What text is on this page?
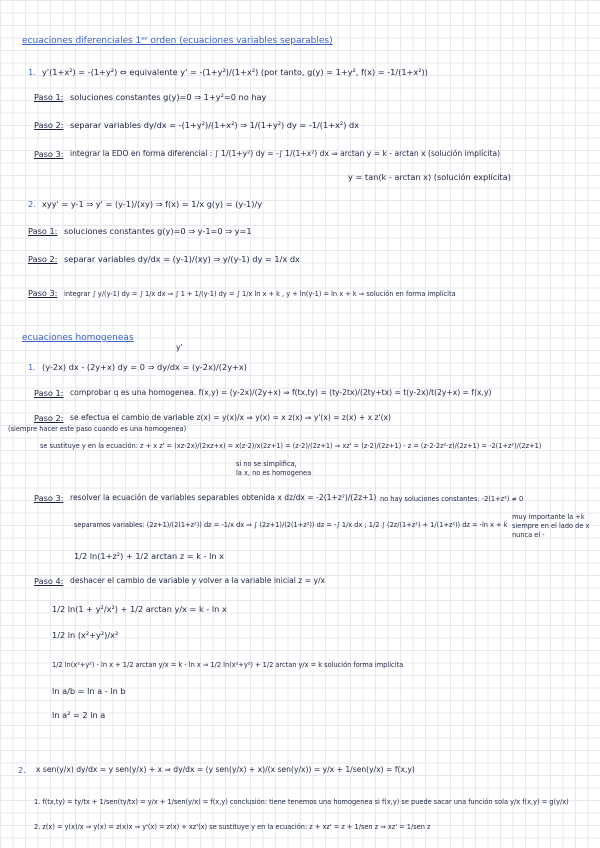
ecuaciones diferenciales 1ᵉʳ orden (ecuaciones variables separables)
1. y'(1+x²) = -(1+y²) ⇔ equivalente y' = -(1+y²)/(1+x²) (por tanto, g(y) = 1+y², f(x) = -1/(1+x²))
Paso 1: soluciones constantes g(y)=0 ⇒ 1+y²=0 no hay
Paso 2: separar variables dy/dx = -(1+y²)/(1+x²) ⇒ 1/(1+y²) dy = -1/(1+x²) dx
Paso 3: integrar la EDO en forma diferencial : ∫ 1/(1+y²) dy = -∫ 1/(1+x²) dx ⇒ arctan y = k - arctan x (solución implícita)
y = tan(k - arctan x) (solución explícita)
2. xyy' = y-1 ⇒ y' = (y-1)/(xy) ⇒ f(x) = 1/x g(y) = (y-1)/y
Paso 1: soluciones constantes g(y)=0 ⇒ y-1=0 ⇒ y=1
Paso 2: separar variables dy/dx = (y-1)/(xy) ⇒ y/(y-1) dy = 1/x dx
Paso 3: integrar ∫ y/(y-1) dy = ∫ 1/x dx ⇒ ∫ 1 + 1/(y-1) dy = ∫ 1/x ln x + k , y + ln(y-1) = ln x + k ⇒ solución en forma implícita
ecuaciones homogeneas
y'
1. (y-2x) dx - (2y+x) dy = 0 ⇒ dy/dx = (y-2x)/(2y+x)
Paso 1: comprobar q es una homogenea. f(x,y) = (y-2x)/(2y+x) ⇒ f(tx,ty) = (ty-2tx)/(2ty+tx) = t(y-2x)/t(2y+x) = f(x,y)
Paso 2: se efectua el cambio de variable z(x) = y(x)/x ⇒ y(x) = x z(x) ⇒ y'(x) = z(x) + x z'(x)
(siempre hacer este paso cuando es una homogenea)
se sustituye y en la ecuación: z + x z' = (xz-2x)/(2xz+x) = x(z-2)/x(2z+1) = (z-2)/(2z+1) ⇒ xz' = (z-2)/(2z+1) - z = (z-2-2z²-z)/(2z+1) = -2(1+z²)/(2z+1)
si no se simplifica,
la x, no es homogenea
Paso 3: resolver la ecuación de variables separables obtenida x dz/dx = -2(1+z²)/(2z+1) no hay soluciones constantes: -2(1+z²) ≠ 0
separamos variables: (2z+1)/(2(1+z²)) dz = -1/x dx ⇒ ∫ (2z+1)/(2(1+z²)) dz = -∫ 1/x dx ; 1/2 ∫ (2z/(1+z²) + 1/(1+z²)) dz = -ln x + k
muy importante la +k
siempre en el lado de x
nunca el -
1/2 ln(1+z²) + 1/2 arctan z = k - ln x
Paso 4: deshacer el cambio de variable y volver a la variable inicial z = y/x
1/2 ln(1 + y²/x²) + 1/2 arctan y/x = k - ln x
1/2 ln (x²+y²)/x²
1/2 ln(x²+y²) - ln x + 1/2 arctan y/x = k - ln x ⇒ 1/2 ln(x²+y²) + 1/2 arctan y/x = k solución forma implícita
ln a/b = ln a - ln b
ln a² = 2 ln a
2. x sen(y/x) dy/dx = y sen(y/x) + x ⇒ dy/dx = (y sen(y/x) + x)/(x sen(y/x)) = y/x + 1/sen(y/x) = f(x,y)
1. f(tx,ty) = ty/tx + 1/sen(ty/tx) = y/x + 1/sen(y/x) = f(x,y) conclusión: tiene tenemos una homogenea si f(x,y) se puede sacar una función sola y/x f(x,y) = g(y/x)
2. z(x) = y(x)/x ⇒ y(x) = z(x)x ⇒ y'(x) = z(x) + xz'(x) se sustituye y en la ecuación: z + xz' = z + 1/sen z ⇒ xz' = 1/sen z
